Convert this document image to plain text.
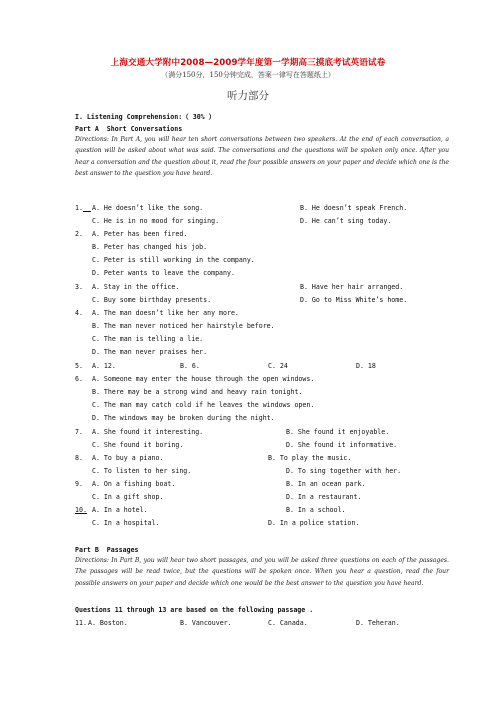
上海交通大学附中2008—2009学年度第一学期高三摸底考试英语试卷
（满分150分，150分钟完成，答案一律写在答题纸上）
听力部分
I. Listening Comprehension:（ 30% ）
Part A  Short Conversations
Directions: In Part A, you will hear ten short conversations between two speakers. At the end of each conversation, a question will be asked about what was said. The conversations and the questions will be spoken only once. After you hear a conversation and the question about it, read the four possible answers on your paper and decide which one is the best answer to the question you have heard.
1.__ A. He doesn’t like the song.	B. He doesn’t speak French.
C. He is in no mood for singing.	D. He can’t sing today.
2. A. Peter has been fired.
B. Peter has changed his job.
C. Peter is still working in the company.
D. Peter wants to leave the company.
3. A. Stay in the office.	B. Have her hair arranged.
C. Buy some birthday presents.	D. Go to Miss White’s home.
4. A. The man doesn’t like her any more.
B. The man never noticed her hairstyle before.
C. The man is telling a lie.
D. The man never praises her.
5. A. 12.	B. 6.	C. 24	D. 18
6. A. Someone may enter the house through the open windows.
B. There may be a strong wind and heavy rain tonight.
C. The man may catch cold if he leaves the windows open.
D. The windows may be broken during the night.
7. A. She found it interesting.	B. She found it enjoyable.
C. She found it boring.	D. She found it informative.
8. A. To buy a piano.	B. To play the music.
C. To listen to her sing.	D. To sing together with her.
9. A. On a fishing boat.	B. In an ocean park.
C. In a gift shop.	D. In a restaurant.
10. A. In a hotel.	B. In a school.
C. In a hospital.	D. In a police station.
Part B  Passages
Directions: In Part B, you will hear two short passages, and you will be asked three questions on each of the passages. The passages will be read twice, but the questions will be spoken once. When you hear a question, read the four possible answers on your paper and decide which one would be the best answer to the question you have heard.
Questions 11 through 13 are based on the following passage .
11. A. Boston.	B. Vancouver.	C. Canada.	D. Teheran.
